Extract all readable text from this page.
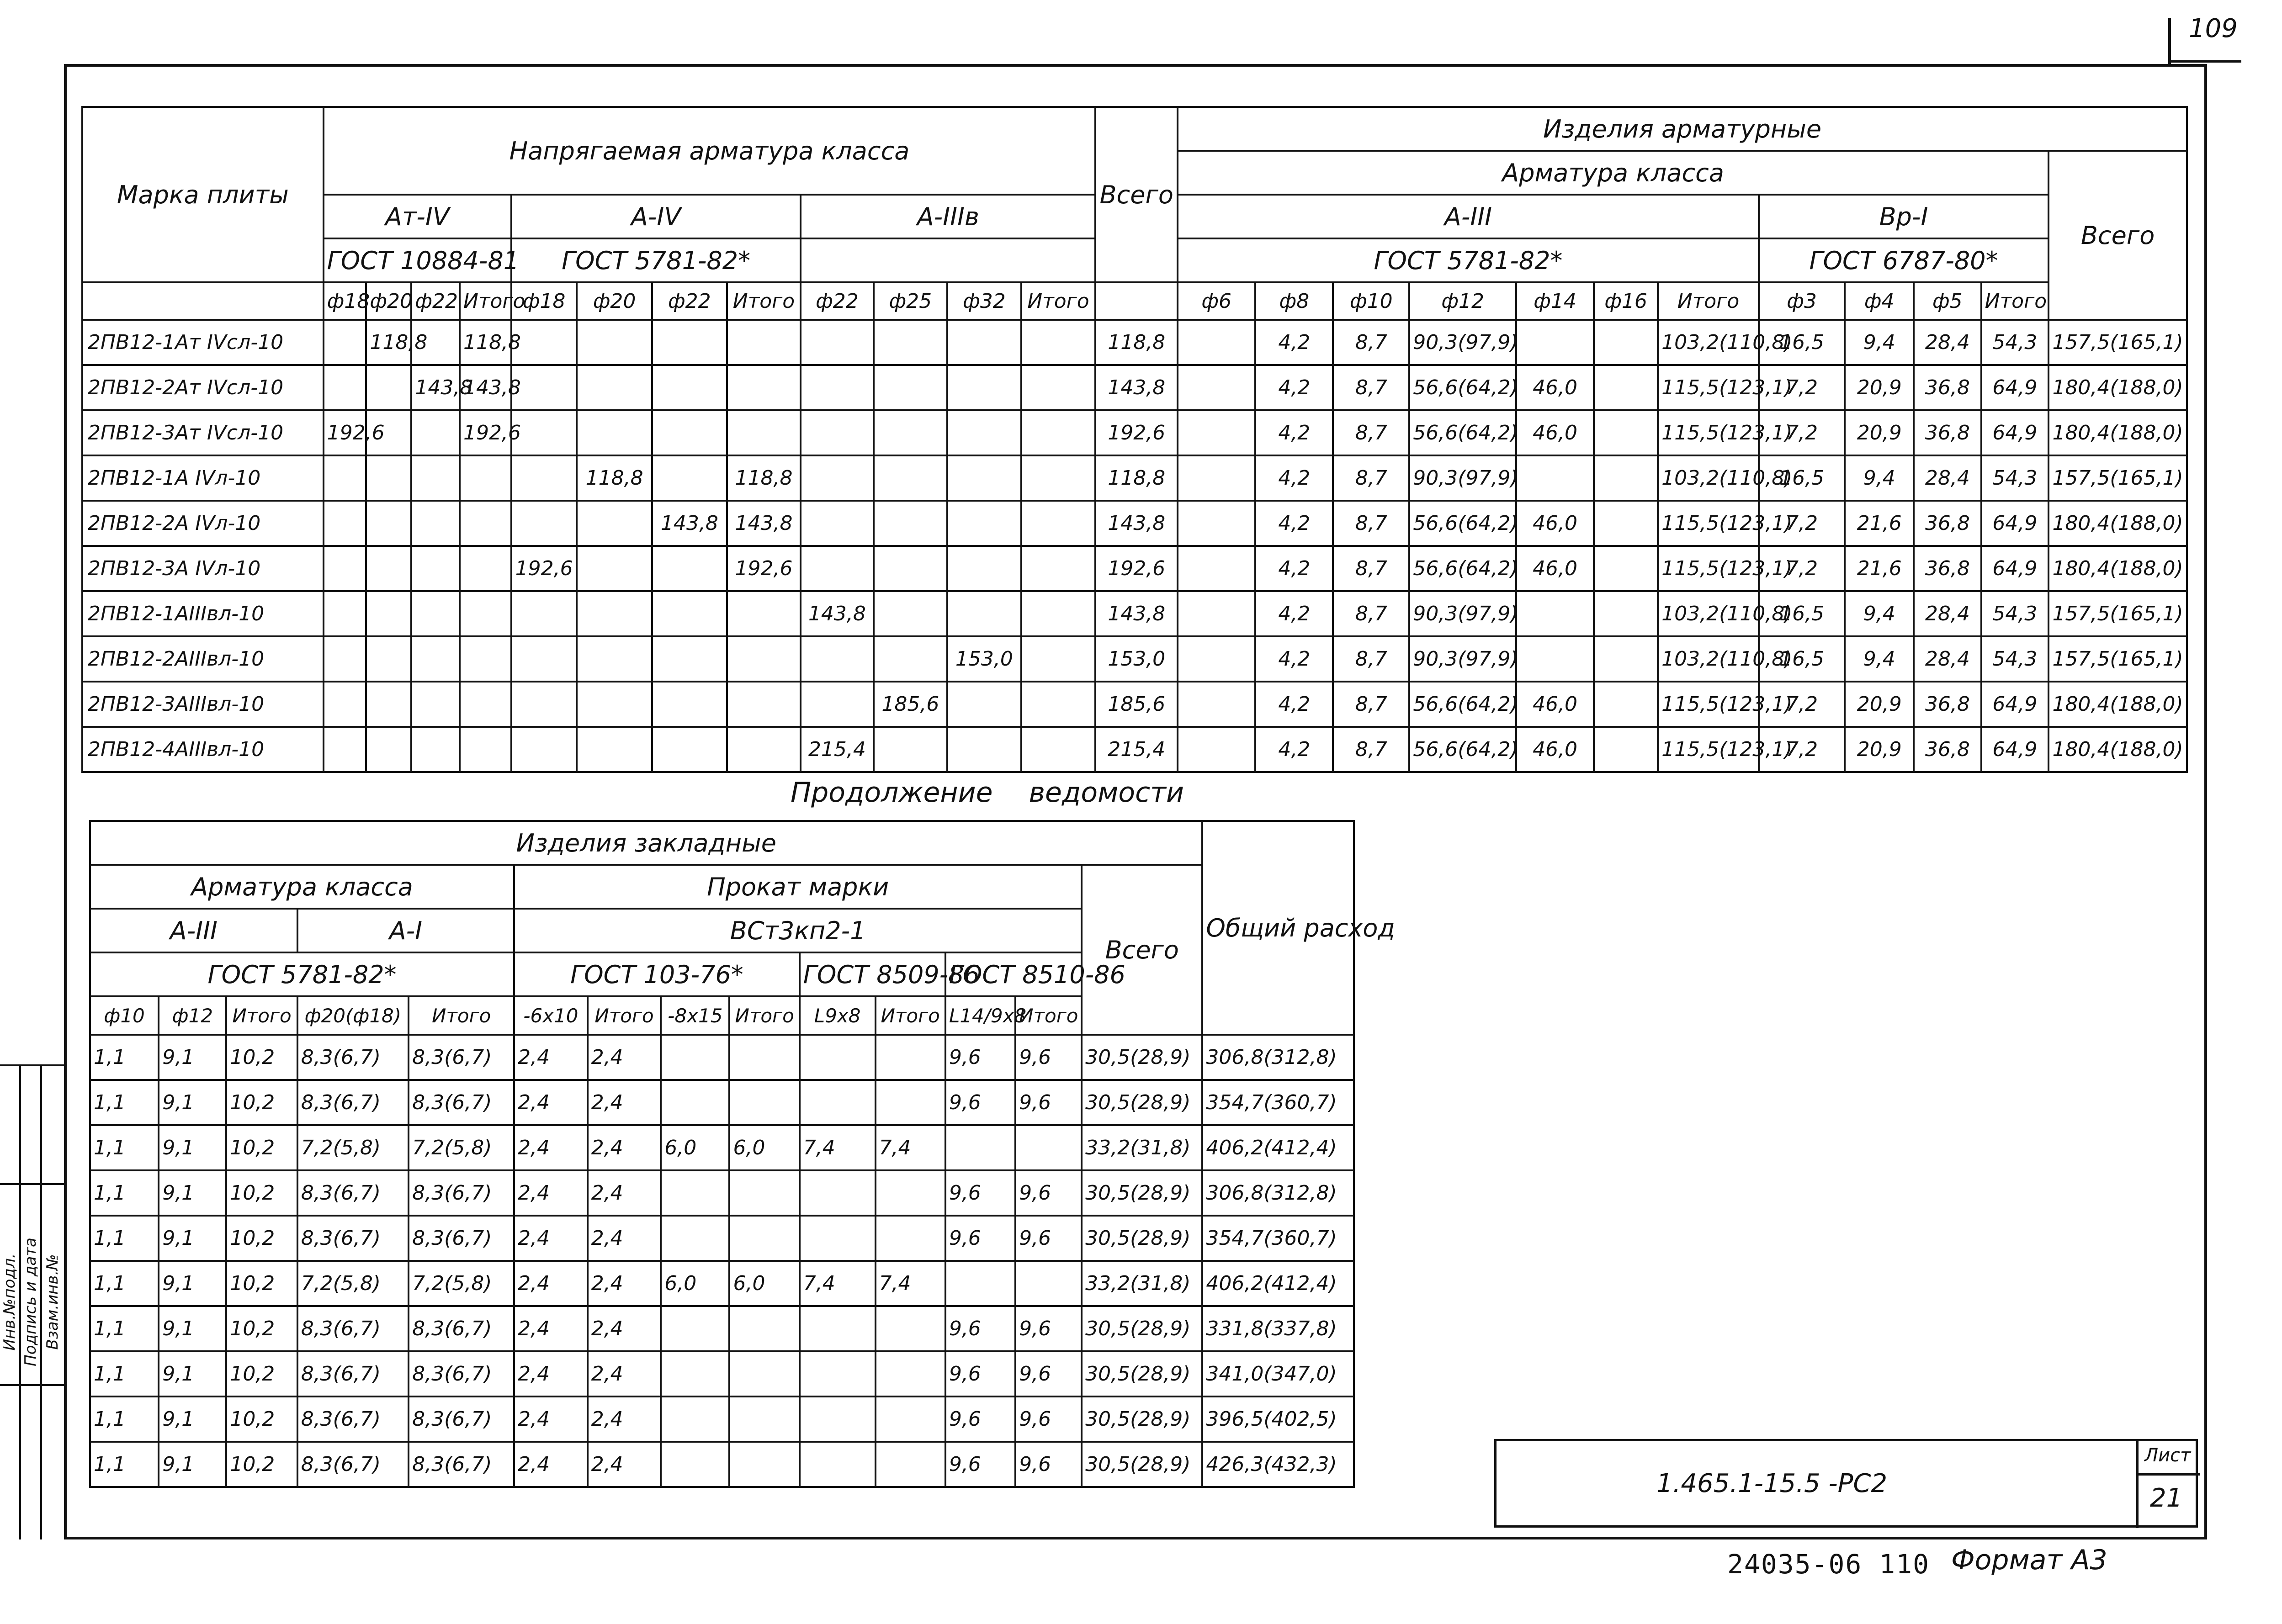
109
Марка плиты	Напрягаемая арматура класса												Всего	Изделия арматурные											
														Арматура класса											Всего
	Ат-IV				А-IV				А-IIIв					А-III							Вр-I				
	ГОСТ 10884-81				ГОСТ 5781-82*									ГОСТ 5781-82*							ГОСТ 6787-80*				
	ф18	ф20	ф22	Итого	ф18	ф20	ф22	Итого	ф22	ф25	ф32	Итого		ф6	ф8	ф10	ф12	ф14	ф16	Итого	ф3	ф4	ф5	Итого	
2ПВ12-1Ат IVсл-10		118,8		118,8									118,8		4,2	8,7	90,3(97,9)			103,2(110,8)	16,5	9,4	28,4	54,3	157,5(165,1)
2ПВ12-2Ат IVсл-10			143,8	143,8									143,8		4,2	8,7	56,6(64,2)	46,0		115,5(123,1)	7,2	20,9	36,8	64,9	180,4(188,0)
2ПВ12-3Ат IVсл-10	192,6			192,6									192,6		4,2	8,7	56,6(64,2)	46,0		115,5(123,1)	7,2	20,9	36,8	64,9	180,4(188,0)
2ПВ12-1А IVл-10						118,8		118,8					118,8		4,2	8,7	90,3(97,9)			103,2(110,8)	16,5	9,4	28,4	54,3	157,5(165,1)
2ПВ12-2А IVл-10							143,8	143,8					143,8		4,2	8,7	56,6(64,2)	46,0		115,5(123,1)	7,2	21,6	36,8	64,9	180,4(188,0)
2ПВ12-3А IVл-10					192,6			192,6					192,6		4,2	8,7	56,6(64,2)	46,0		115,5(123,1)	7,2	21,6	36,8	64,9	180,4(188,0)
2ПВ12-1АIIIвл-10									143,8				143,8		4,2	8,7	90,3(97,9)			103,2(110,8)	16,5	9,4	28,4	54,3	157,5(165,1)
2ПВ12-2АIIIвл-10											153,0		153,0		4,2	8,7	90,3(97,9)			103,2(110,8)	16,5	9,4	28,4	54,3	157,5(165,1)
2ПВ12-3АIIIвл-10										185,6			185,6		4,2	8,7	56,6(64,2)	46,0		115,5(123,1)	7,2	20,9	36,8	64,9	180,4(188,0)
2ПВ12-4АIIIвл-10									215,4				215,4		4,2	8,7	56,6(64,2)	46,0		115,5(123,1)	7,2	20,9	36,8	64,9	180,4(188,0)
Продолжение ведомости
Изделия закладные														Общий расход
Арматура класса					Прокат марки								Всего	
А-III			А-I		ВСт3кп2-1									
ГОСТ 5781-82*					ГОСТ 103-76*				ГОСТ 8509-86		ГОСТ 8510-86			
ф10	ф12	Итого	ф20(ф18)	Итого	-6x10	Итого	-8x15	Итого	L9x8	Итого	L14/9x8	Итого		
1,1	9,1	10,2	8,3(6,7)	8,3(6,7)	2,4	2,4					9,6	9,6	30,5(28,9)	306,8(312,8)
1,1	9,1	10,2	8,3(6,7)	8,3(6,7)	2,4	2,4					9,6	9,6	30,5(28,9)	354,7(360,7)
1,1	9,1	10,2	7,2(5,8)	7,2(5,8)	2,4	2,4	6,0	6,0	7,4	7,4			33,2(31,8)	406,2(412,4)
1,1	9,1	10,2	8,3(6,7)	8,3(6,7)	2,4	2,4					9,6	9,6	30,5(28,9)	306,8(312,8)
1,1	9,1	10,2	8,3(6,7)	8,3(6,7)	2,4	2,4					9,6	9,6	30,5(28,9)	354,7(360,7)
1,1	9,1	10,2	7,2(5,8)	7,2(5,8)	2,4	2,4	6,0	6,0	7,4	7,4			33,2(31,8)	406,2(412,4)
1,1	9,1	10,2	8,3(6,7)	8,3(6,7)	2,4	2,4					9,6	9,6	30,5(28,9)	331,8(337,8)
1,1	9,1	10,2	8,3(6,7)	8,3(6,7)	2,4	2,4					9,6	9,6	30,5(28,9)	341,0(347,0)
1,1	9,1	10,2	8,3(6,7)	8,3(6,7)	2,4	2,4					9,6	9,6	30,5(28,9)	396,5(402,5)
1,1	9,1	10,2	8,3(6,7)	8,3(6,7)	2,4	2,4					9,6	9,6	30,5(28,9)	426,3(432,3)
Инв.№подл. Подпись и дата Взам.инв.№
1.465.1-15.5 -РС2
Лист
21
24035-06 110 Формат А3
